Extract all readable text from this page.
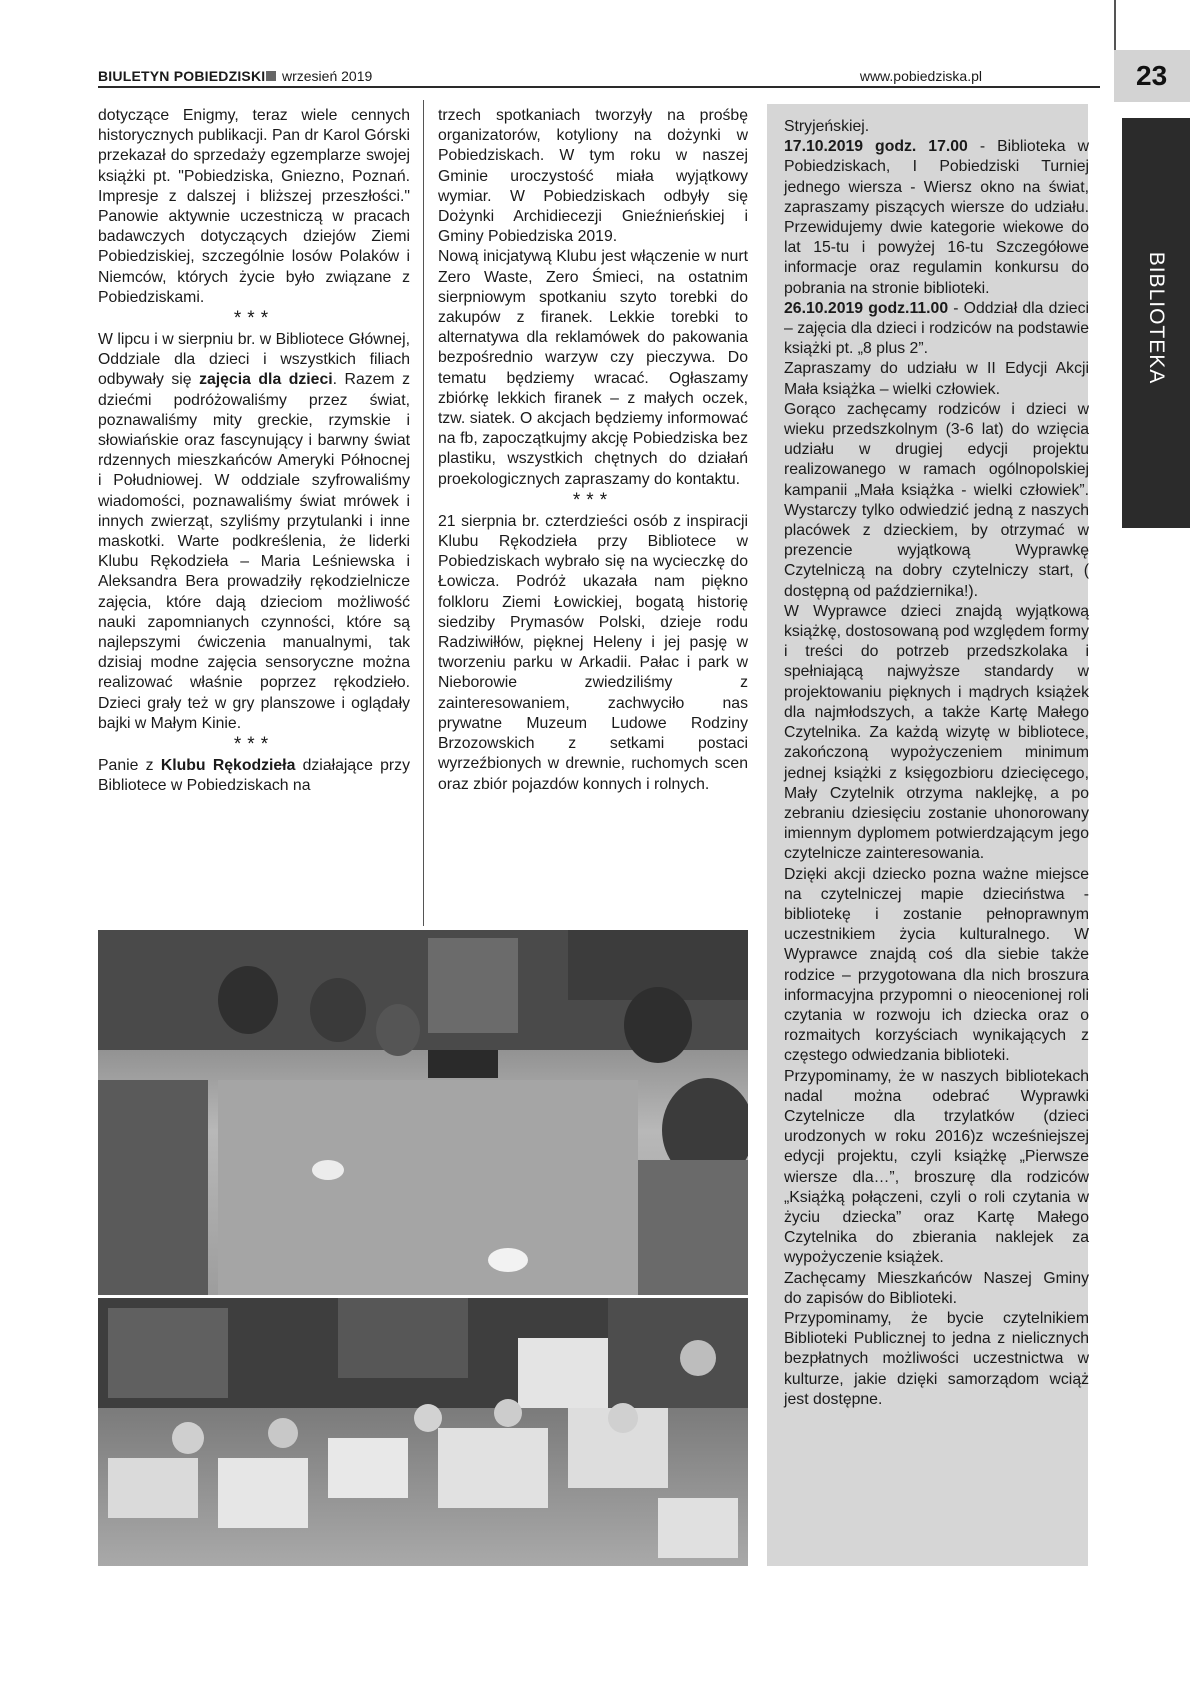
BIULETYN POBIEDZISKI wrzesień 2019	www.pobiedziska.pl	23
BIBLIOTEKA

dotyczące Enigmy, teraz wiele cennych historycznych publikacji. Pan dr Karol Górski przekazał do sprzedaży egzemplarze swojej książki pt. "Pobiedziska, Gniezno, Poznań. Impresje z dalszej i bliższej przeszłości." Panowie aktywnie uczestniczą w pracach badawczych dotyczących dziejów Ziemi Pobiedziskiej, szczególnie losów Polaków i Niemców, których życie było związane z Pobiedziskami.

***

W lipcu i w sierpniu br. w Bibliotece Głównej, Oddziale dla dzieci i wszystkich filiach odbywały się zajęcia dla dzieci. Razem z dziećmi podróżowaliśmy przez świat, poznawaliśmy mity greckie, rzymskie i słowiańskie oraz fascynujący i barwny świat rdzennych mieszkańców Ameryki Północnej i Południowej. W oddziale szyfrowaliśmy wiadomości, poznawaliśmy świat mrówek i innych zwierząt, szyliśmy przytulanki i inne maskotki. Warte podkreślenia, że liderki Klubu Rękodzieła – Maria Leśniewska i Aleksandra Bera prowadziły rękodzielnicze zajęcia, które dają dzieciom możliwość nauki zapomnianych czynności, które są najlepszymi ćwiczenia manualnymi, tak dzisiaj modne zajęcia sensoryczne można realizować właśnie poprzez rękodzieło. Dzieci grały też w gry planszowe i oglądały bajki w Małym Kinie.

***

Panie z Klubu Rękodzieła działające przy Bibliotece w Pobiedziskach na

trzech spotkaniach tworzyły na prośbę organizatorów, kotyliony na dożynki w Pobiedziskach. W tym roku w naszej Gminie uroczystość miała wyjątkowy wymiar. W Pobiedziskach odbyły się Dożynki Archidiecezji Gnieźnieńskiej i Gminy Pobiedziska 2019.

Nową inicjatywą Klubu jest włączenie w nurt Zero Waste, Zero Śmieci, na ostatnim sierpniowym spotkaniu szyto torebki do zakupów z firanek. Lekkie torebki to alternatywa dla reklamówek do pakowania bezpośrednio warzyw czy pieczywa. Do tematu będziemy wracać. Ogłaszamy zbiórkę lekkich firanek – z małych oczek, tzw. siatek. O akcjach będziemy informować na fb, zapoczątkujmy akcję Pobiedziska bez plastiku, wszystkich chętnych do działań proekologicznych zapraszamy do kontaktu.

***

21 sierpnia br. czterdzieści osób z inspiracji Klubu Rękodzieła przy Bibliotece w Pobiedziskach wybrało się na wycieczkę do Łowicza. Podróż ukazała nam piękno folkloru Ziemi Łowickiej, bogatą historię siedziby Prymasów Polski, dzieje rodu Radziwiłłów, pięknej Heleny i jej pasję w tworzeniu parku w Arkadii. Pałac i park w Nieborowie zwiedziliśmy z zainteresowaniem, zachwyciło nas prywatne Muzeum Ludowe Rodziny Brzozowskich z setkami postaci wyrzeźbionych w drewnie, ruchomych scen oraz zbiór pojazdów konnych i rolnych.

Stryjeńskiej.

17.10.2019 godz. 17.00 - Biblioteka w Pobiedziskach, I Pobiedziski Turniej jednego wiersza - Wiersz okno na świat, zapraszamy piszących wiersze do udziału. Przewidujemy dwie kategorie wiekowe do lat 15-tu i powyżej 16-tu Szczegółowe informacje oraz regulamin konkursu do pobrania na stronie biblioteki.

26.10.2019 godz.11.00 - Oddział dla dzieci – zajęcia dla dzieci i rodziców na podstawie książki pt. „8 plus 2”.

Zapraszamy do udziału w II Edycji Akcji Mała książka – wielki człowiek.

Gorąco zachęcamy rodziców i dzieci w wieku przedszkolnym (3-6 lat) do wzięcia udziału w drugiej edycji projektu realizowanego w ramach ogólnopolskiej kampanii „Mała książka - wielki człowiek”. Wystarczy tylko odwiedzić jedną z naszych placówek z dzieckiem, by otrzymać w prezencie wyjątkową Wyprawkę Czytelniczą na dobry czytelniczy start, ( dostępną od października!).

W Wyprawce dzieci znajdą wyjątkową książkę, dostosowaną pod względem formy i treści do potrzeb przedszkolaka i spełniającą najwyższe standardy w projektowaniu pięknych i mądrych książek dla najmłodszych, a także Kartę Małego Czytelnika. Za każdą wizytę w bibliotece, zakończoną wypożyczeniem minimum jednej książki z księgozbioru dziecięcego, Mały Czytelnik otrzyma naklejkę, a po zebraniu dziesięciu zostanie uhonorowany imiennym dyplomem potwierdzającym jego czytelnicze zainteresowania.

Dzięki akcji dziecko pozna ważne miejsce na czytelniczej mapie dzieciństwa - bibliotekę i zostanie pełnoprawnym uczestnikiem życia kulturalnego. W Wyprawce znajdą coś dla siebie także rodzice – przygotowana dla nich broszura informacyjna przypomni o nieocenionej roli czytania w rozwoju ich dziecka oraz o rozmaitych korzyściach wynikających z częstego odwiedzania biblioteki.

Przypominamy, że w naszych bibliotekach nadal można odebrać Wyprawki Czytelnicze dla trzylatków (dzieci urodzonych w roku 2016)z wcześniejszej edycji projektu, czyli książkę „Pierwsze wiersze dla…”, broszurę dla rodziców „Książką połączeni, czyli o roli czytania w życiu dziecka” oraz Kartę Małego Czytelnika do zbierania naklejek za wypożyczenie książek.

Zachęcamy Mieszkańców Naszej Gminy do zapisów do Biblioteki.

Przypominamy, że bycie czytelnikiem Biblioteki Publicznej to jedna z nielicznych bezpłatnych możliwości uczestnictwa w kulturze, jakie dzięki samorządom wciąż jest dostępne.
